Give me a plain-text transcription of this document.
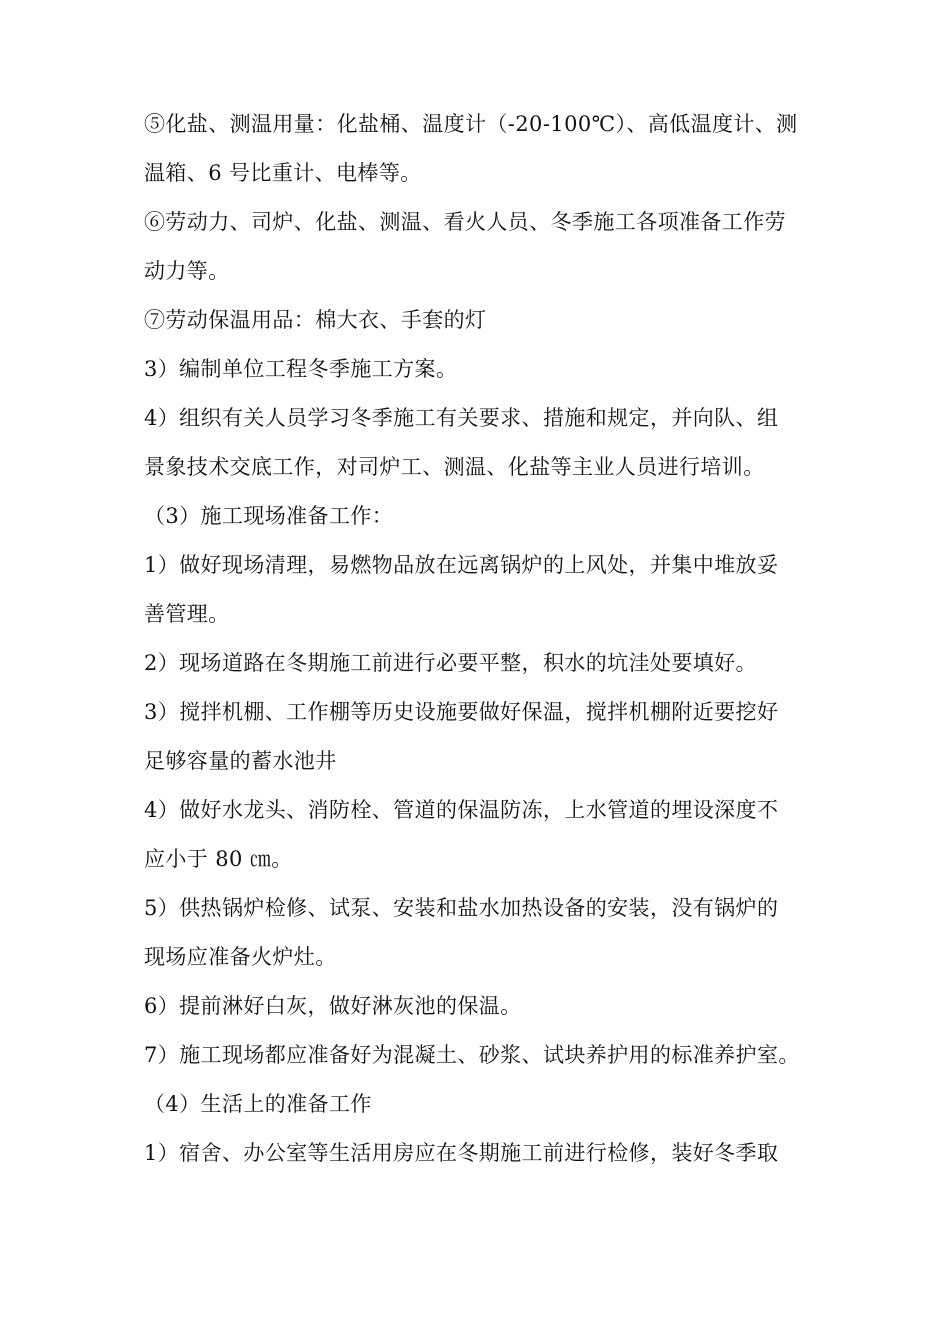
⑤化盐、测温用量：化盐桶、温度计（-20-100℃）、高低温度计、测

温箱、6 号比重计、电棒等。

⑥劳动力、司炉、化盐、测温、看火人员、冬季施工各项准备工作劳

动力等。

⑦劳动保温用品：棉大衣、手套的灯

3）编制单位工程冬季施工方案。

4）组织有关人员学习冬季施工有关要求、措施和规定，并向队、组

景象技术交底工作，对司炉工、测温、化盐等主业人员进行培训。

（3）施工现场准备工作：

1）做好现场清理，易燃物品放在远离锅炉的上风处，并集中堆放妥

善管理。

2）现场道路在冬期施工前进行必要平整，积水的坑洼处要填好。

3）搅拌机棚、工作棚等历史设施要做好保温，搅拌机棚附近要挖好

足够容量的蓄水池井

4）做好水龙头、消防栓、管道的保温防冻，上水管道的埋设深度不

应小于 80 ㎝。

5）供热锅炉检修、试泵、安装和盐水加热设备的安装，没有锅炉的

现场应准备火炉灶。

6）提前淋好白灰，做好淋灰池的保温。

7）施工现场都应准备好为混凝土、砂浆、试块养护用的标准养护室。

（4）生活上的准备工作

1）宿舍、办公室等生活用房应在冬期施工前进行检修，装好冬季取
